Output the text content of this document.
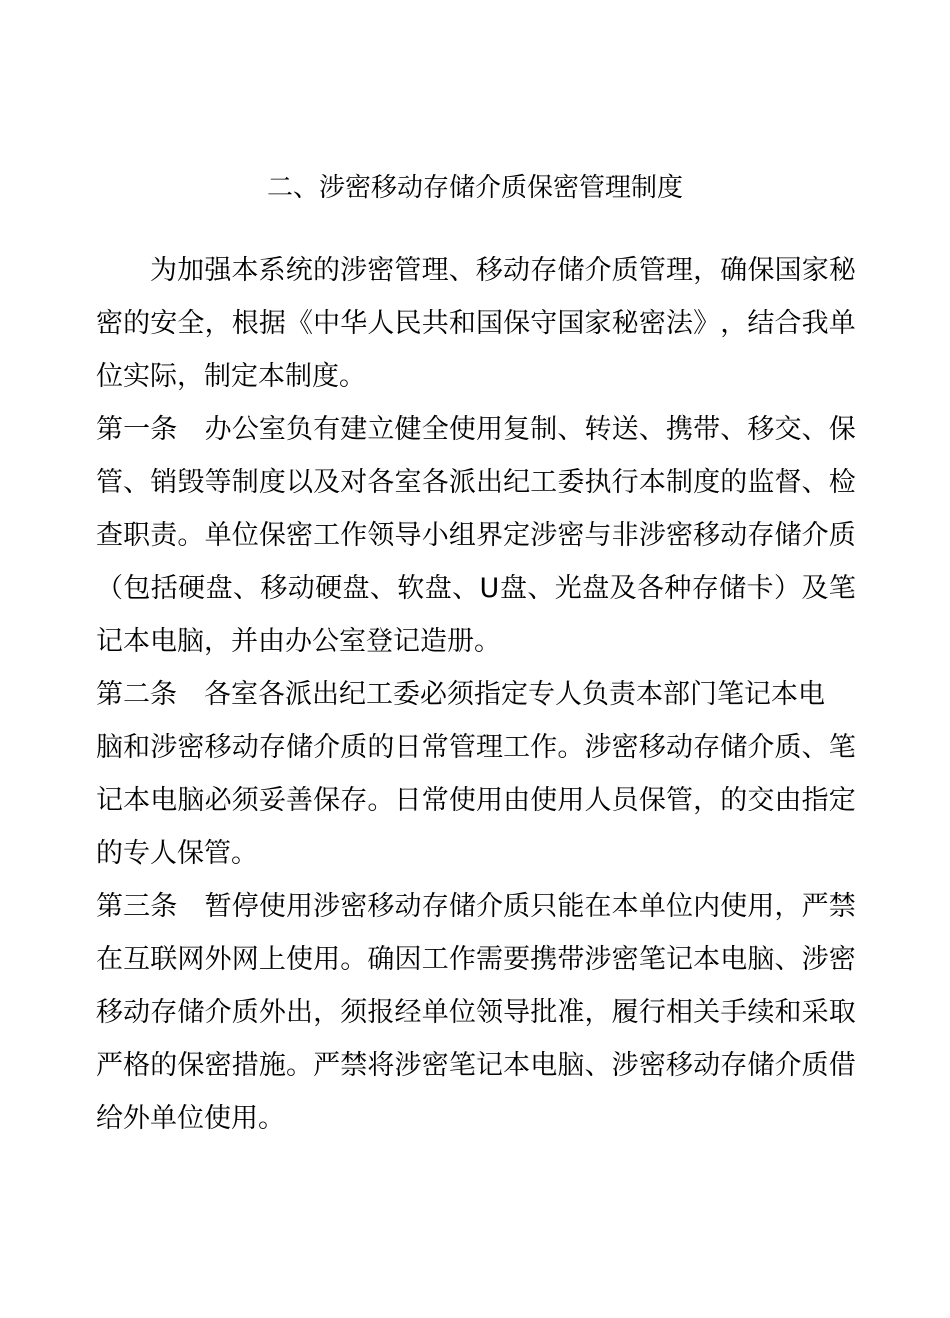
二、涉密移动存储介质保密管理制度
为 加 强 本 系 统 的 涉 密 管 理 、 移 动 存 储 介 质 管 理 ， 确 保 国 家 秘
密 的 安 全 ， 根 据 《 中 华 人 民 共 和 国 保 守 国 家 秘 密 法 》 ， 结 合 我 单
位实际，制定本制度。
第 一 条
　 办 公 室 负 有 建 立 健 全 使 用 复 制 、 转 送 、 携 带 、 移 交 、 保
管 、 销 毁 等 制 度 以 及 对 各 室 各 派 出 纪 工 委 执 行 本 制 度 的 监 督 、 检
查 职 责 。 单 位 保 密 工 作 领 导 小 组 界 定 涉 密 与 非 涉 密 移 动 存 储 介 质
（ 包 括 硬 盘 、 移 动 硬 盘 、 软 盘 、 U 盘 、 光 盘 及 各 种 存 储 卡 ） 及 笔
记本电脑，并由办公室登记造册。
第二条　各室各派出纪工委必须指定专人负责本部门笔记本电
脑 和 涉 密 移 动 存 储 介 质 的 日 常 管 理 工 作 。 涉 密 移 动 存 储 介 质 、 笔
记 本 电 脑 必 须 妥 善 保 存 。 日 常 使 用 由 使 用 人 员 保 管 ， 的 交 由 指 定
的专人保管。
第 三 条
　 暂 停 使 用 涉 密 移 动 存 储 介 质 只 能 在 本 单 位 内 使 用 ， 严 禁
在 互 联 网 外 网 上 使 用 。 确 因 工 作 需 要 携 带 涉 密 笔 记 本 电 脑 、 涉 密
移 动 存 储 介 质 外 出 ， 须 报 经 单 位 领 导 批 准 ， 履 行 相 关 手 续 和 采 取
严 格 的 保 密 措 施 。 严 禁 将 涉 密 笔 记 本 电 脑 、 涉 密 移 动 存 储 介 质 借
给外单位使用。
